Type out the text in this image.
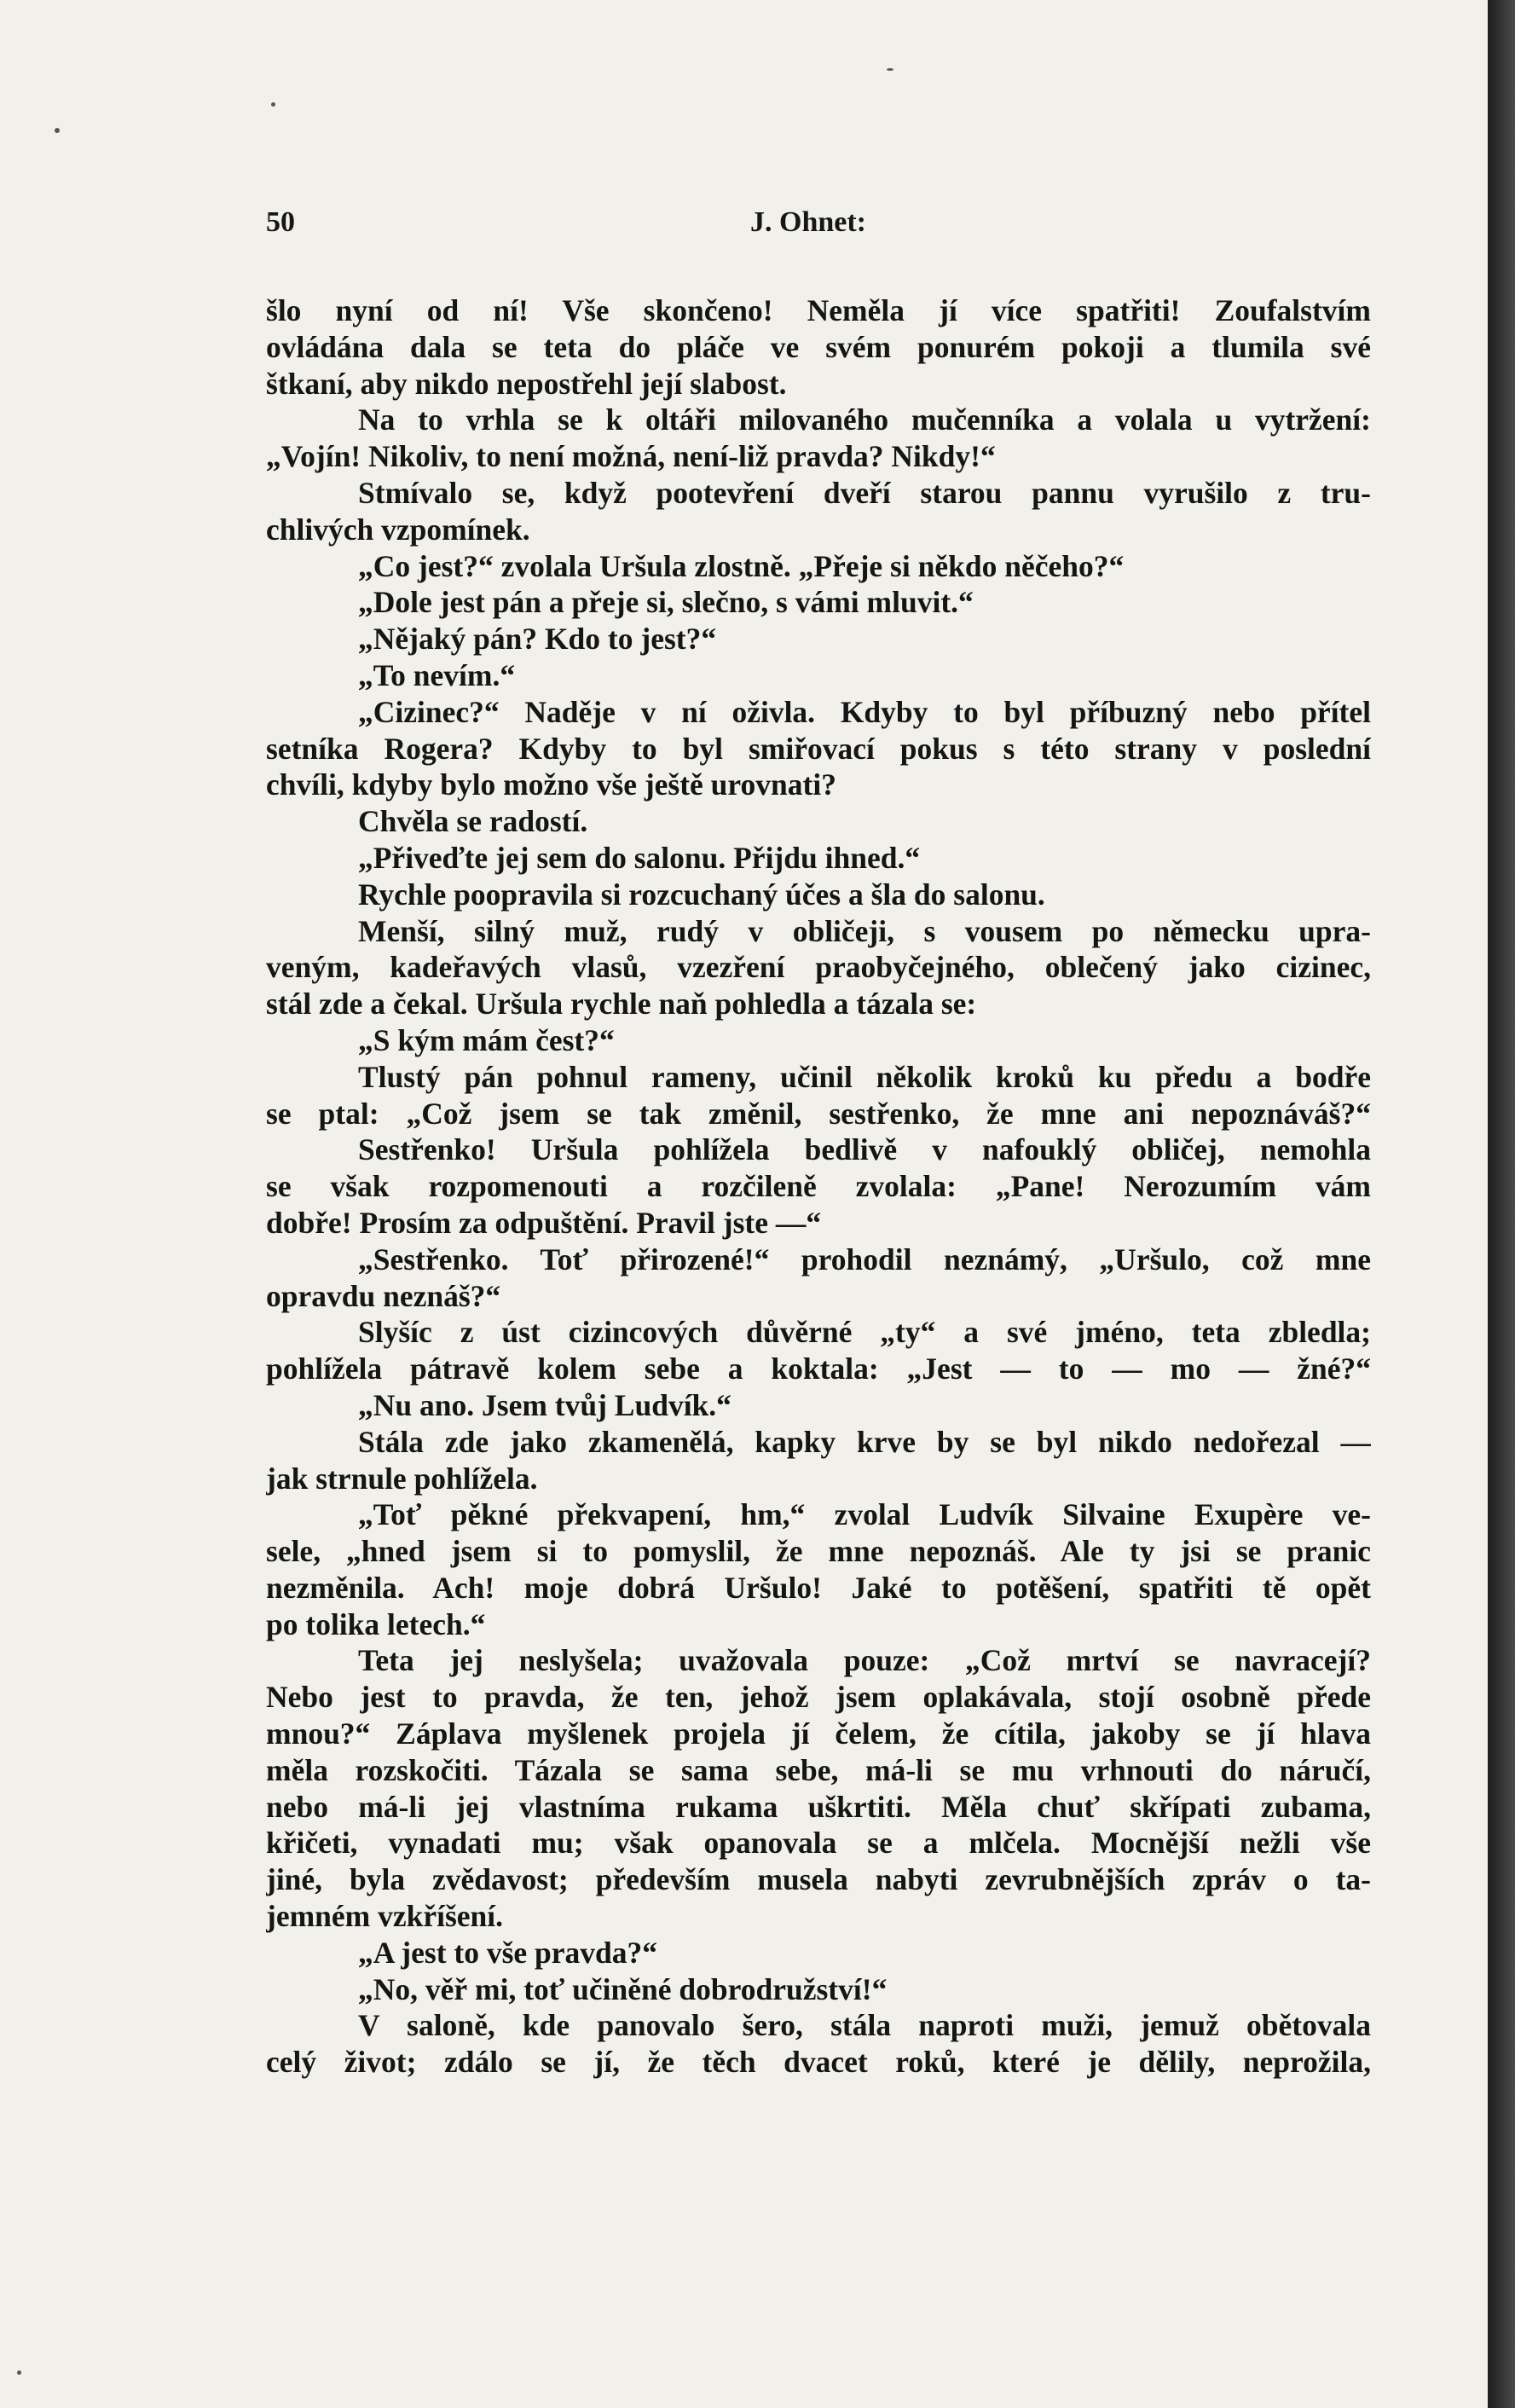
50	J. Ohnet:
šlo nyní od ní! Vše skončeno! Neměla jí více spatřiti! Zoufalstvím
ovládána dala se teta do pláče ve svém ponurém pokoji a tlumila své
štkaní, aby nikdo nepostřehl její slabost.
Na to vrhla se k oltáři milovaného mučenníka a volala u vytržení:
„Vojín! Nikoliv, to není možná, není-liž pravda? Nikdy!“
Stmívalo se, když pootevření dveří starou pannu vyrušilo z tru-
chlivých vzpomínek.
„Co jest?“ zvolala Uršula zlostně. „Přeje si někdo něčeho?“
„Dole jest pán a přeje si, slečno, s vámi mluvit.“
„Nějaký pán? Kdo to jest?“
„To nevím.“
„Cizinec?“ Naděje v ní oživla. Kdyby to byl příbuzný nebo přítel
setníka Rogera? Kdyby to byl smiřovací pokus s této strany v poslední
chvíli, kdyby bylo možno vše ještě urovnati?
Chvěla se radostí.
„Přiveďte jej sem do salonu. Přijdu ihned.“
Rychle poopravila si rozcuchaný účes a šla do salonu.
Menší, silný muž, rudý v obličeji, s vousem po německu upra-
veným, kadeřavých vlasů, vzezření praobyčejného, oblečený jako cizinec,
stál zde a čekal. Uršula rychle naň pohledla a tázala se:
„S kým mám čest?“
Tlustý pán pohnul rameny, učinil několik kroků ku předu a bodře
se ptal: „Což jsem se tak změnil, sestřenko, že mne ani nepoznáváš?“
Sestřenko! Uršula pohlížela bedlivě v nafouklý obličej, nemohla
se však rozpomenouti a rozčileně zvolala: „Pane! Nerozumím vám
dobře! Prosím za odpuštění. Pravil jste —“
„Sestřenko. Toť přirozené!“ prohodil neznámý, „Uršulo, což mne
opravdu neznáš?“
Slyšíc z úst cizincových důvěrné „ty“ a své jméno, teta zbledla;
pohlížela pátravě kolem sebe a koktala: „Jest — to — mo — žné?“
„Nu ano. Jsem tvůj Ludvík.“
Stála zde jako zkamenělá, kapky krve by se byl nikdo nedořezal —
jak strnule pohlížela.
„Toť pěkné překvapení, hm,“ zvolal Ludvík Silvaine Exupère ve-
sele, „hned jsem si to pomyslil, že mne nepoznáš. Ale ty jsi se pranic
nezměnila. Ach! moje dobrá Uršulo! Jaké to potěšení, spatřiti tě opět
po tolika letech.“
Teta jej neslyšela; uvažovala pouze: „Což mrtví se navracejí?
Nebo jest to pravda, že ten, jehož jsem oplakávala, stojí osobně přede
mnou?“ Záplava myšlenek projela jí čelem, že cítila, jakoby se jí hlava
měla rozskočiti. Tázala se sama sebe, má-li se mu vrhnouti do náručí,
nebo má-li jej vlastníma rukama uškrtiti. Měla chuť skřípati zubama,
křičeti, vynadati mu; však opanovala se a mlčela. Mocnější nežli vše
jiné, byla zvědavost; především musela nabyti zevrubnějších zpráv o ta-
jemném vzkříšení.
„A jest to vše pravda?“
„No, věř mi, toť učiněné dobrodružství!“
V saloně, kde panovalo šero, stála naproti muži, jemuž obětovala
celý život; zdálo se jí, že těch dvacet roků, které je dělily, neprožila,
